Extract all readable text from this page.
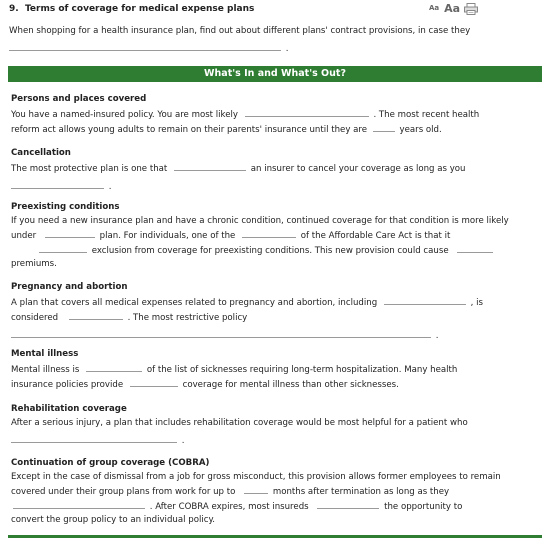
9. Terms of coverage for medical expense plans	Aa Aa
When shopping for a health insurance plan, find out about different plans' contract provisions, in case they
.
What's In and What's Out?
Persons and places covered
You have a named-insured policy. You are most likely	. The most recent health
reform act allows young adults to remain on their parents' insurance until they are	years old.
Cancellation
The most protective plan is one that	an insurer to cancel your coverage as long as you
.
Preexisting conditions
If you need a new insurance plan and have a chronic condition, continued coverage for that condition is more likely
under	plan. For individuals, one of the	of the Affordable Care Act is that it
exclusion from coverage for preexisting conditions. This new provision could cause
premiums.
Pregnancy and abortion
A plan that covers all medical expenses related to pregnancy and abortion, including	, is
considered	. The most restrictive policy
.
Mental illness
Mental illness is	of the list of sicknesses requiring long-term hospitalization. Many health
insurance policies provide	coverage for mental illness than other sicknesses.
Rehabilitation coverage
After a serious injury, a plan that includes rehabilitation coverage would be most helpful for a patient who
.
Continuation of group coverage (COBRA)
Except in the case of dismissal from a job for gross misconduct, this provision allows former employees to remain
covered under their group plans from work for up to	months after termination as long as they
. After COBRA expires, most insureds	the opportunity to
convert the group policy to an individual policy.
